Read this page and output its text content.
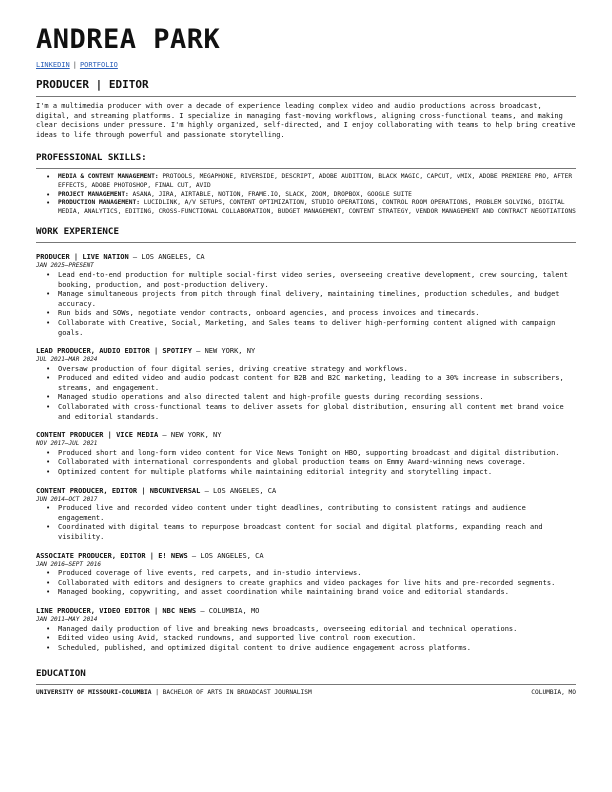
ANDREA PARK
LINKEDIN | PORTFOLIO
PRODUCER | EDITOR

I'm a multimedia producer with over a decade of experience leading complex video and audio productions across broadcast, digital, and streaming platforms. I specialize in managing fast-moving workflows, aligning cross-functional teams, and making clear decisions under pressure. I'm highly organized, self-directed, and I enjoy collaborating with teams to help bring creative ideas to life through powerful and passionate storytelling.

PROFESSIONAL SKILLS:
• MEDIA & CONTENT MANAGEMENT: PROTOOLS, MEGAPHONE, RIVERSIDE, DESCRIPT, ADOBE AUDITION, BLACK MAGIC, CAPCUT, vMIX, ADOBE PREMIERE PRO, AFTER EFFECTS, ADOBE PHOTOSHOP, FINAL CUT, AVID
• PROJECT MANAGEMENT: ASANA, JIRA, AIRTABLE, NOTION, FRAME.IO, SLACK, ZOOM, DROPBOX, GOOGLE SUITE
• PRODUCTION MANAGEMENT: LUCIDLINK, A/V SETUPS, CONTENT OPTIMIZATION, STUDIO OPERATIONS, CONTROL ROOM OPERATIONS, PROBLEM SOLVING, DIGITAL MEDIA, ANALYTICS, EDITING, CROSS-FUNCTIONAL COLLABORATION, BUDGET MANAGEMENT, CONTENT STRATEGY, VENDOR MANAGEMENT AND CONTRACT NEGOTIATIONS
WORK EXPERIENCE
PRODUCER | LIVE NATION — LOS ANGELES, CA
JAN 2025–PRESENT
• Lead end-to-end production for multiple social-first video series, overseeing creative development, crew sourcing, talent booking, production, and post-production delivery.
• Manage simultaneous projects from pitch through final delivery, maintaining timelines, production schedules, and budget accuracy.
• Run bids and SOWs, negotiate vendor contracts, onboard agencies, and process invoices and timecards.
• Collaborate with Creative, Social, Marketing, and Sales teams to deliver high-performing content aligned with campaign goals.
LEAD PRODUCER, AUDIO EDITOR | SPOTIFY — NEW YORK, NY
JUL 2021–MAR 2024
• Oversaw production of four digital series, driving creative strategy and workflows.
• Produced and edited video and audio podcast content for B2B and B2C marketing, leading to a 30% increase in subscribers, streams, and engagement.
• Managed studio operations and also directed talent and high-profile guests during recording sessions.
• Collaborated with cross-functional teams to deliver assets for global distribution, ensuring all content met brand voice and editorial standards.
CONTENT PRODUCER | VICE MEDIA — NEW YORK, NY
NOV 2017–JUL 2021
• Produced short and long-form video content for Vice News Tonight on HBO, supporting broadcast and digital distribution.
• Collaborated with international correspondents and global production teams on Emmy Award-winning news coverage.
• Optimized content for multiple platforms while maintaining editorial integrity and storytelling impact.
CONTENT PRODUCER, EDITOR | NBCUNIVERSAL — LOS ANGELES, CA
JUN 2014–OCT 2017
• Produced live and recorded video content under tight deadlines, contributing to consistent ratings and audience engagement.
• Coordinated with digital teams to repurpose broadcast content for social and digital platforms, expanding reach and visibility.
ASSOCIATE PRODUCER, EDITOR | E! NEWS — LOS ANGELES, CA
JAN 2016–SEPT 2016
• Produced coverage of live events, red carpets, and in-studio interviews.
• Collaborated with editors and designers to create graphics and video packages for live hits and pre-recorded segments.
• Managed booking, copywriting, and asset coordination while maintaining brand voice and editorial standards.
LINE PRODUCER, VIDEO EDITOR | NBC NEWS — COLUMBIA, MO
JAN 2011–MAY 2014
• Managed daily production of live and breaking news broadcasts, overseeing editorial and technical operations.
• Edited video using Avid, stacked rundowns, and supported live control room execution.
• Scheduled, published, and optimized digital content to drive audience engagement across platforms.
EDUCATION
UNIVERSITY OF MISSOURI-COLUMBIA | BACHELOR OF ARTS IN BROADCAST JOURNALISM	COLUMBIA, MO
